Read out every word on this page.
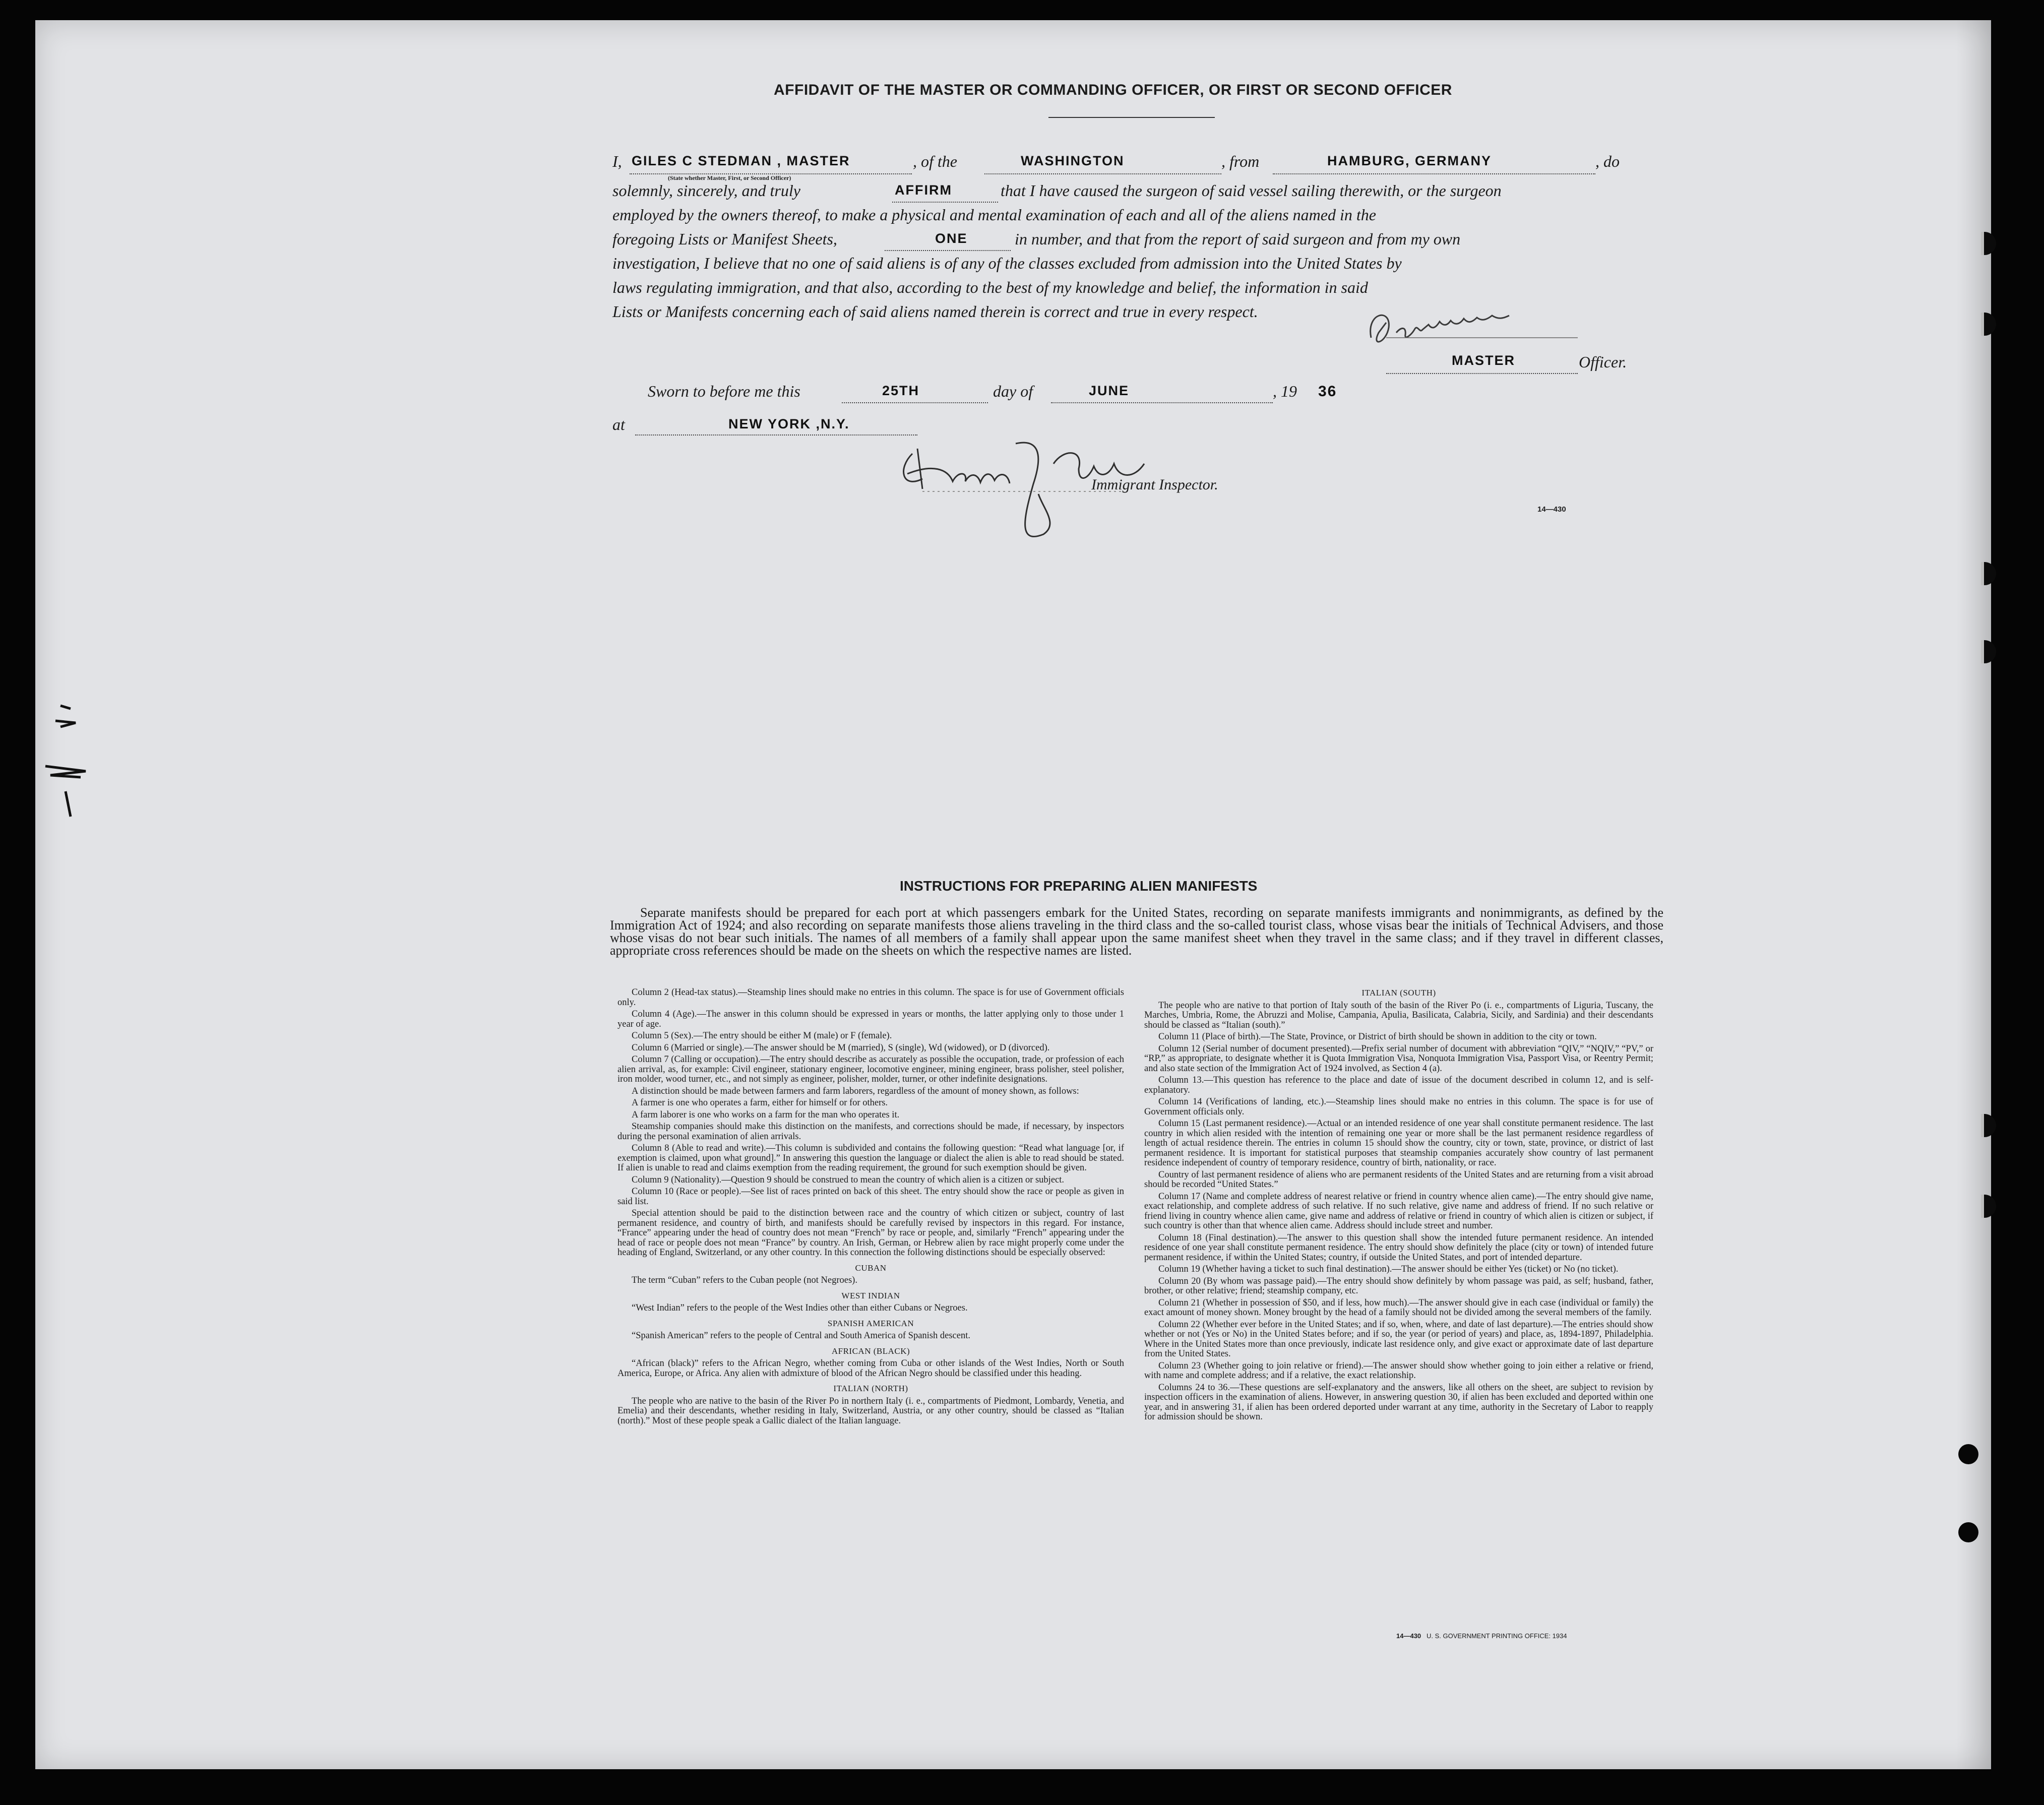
AFFIDAVIT OF THE MASTER OR COMMANDING OFFICER, OR FIRST OR SECOND OFFICER
I, GILES C STEDMAN , MASTER
(State whether Master, First, or Second Officer)
, of the	WASHINGTON	, from	HAMBURG, GERMANY	, do
solemnly, sincerely, and truly	AFFIRM	that I have caused the surgeon of said vessel sailing therewith, or the surgeon
employed by the owners thereof, to make a physical and mental examination of each and all of the aliens named in the
foregoing Lists or Manifest Sheets,	ONE	in number, and that from the report of said surgeon and from my own
investigation, I believe that no one of said aliens is of any of the classes excluded from admission into the United States by
laws regulating immigration, and that also, according to the best of my knowledge and belief, the information in said
Lists or Manifests concerning each of said aliens named therein is correct and true in every respect.
MASTER	Officer.
Sworn to before me this	25TH	day of	JUNE	, 19 36
at	NEW YORK ,N.Y.
Immigrant Inspector.
14—430
INSTRUCTIONS FOR PREPARING ALIEN MANIFESTS
Separate manifests should be prepared for each port at which passengers embark for the United States, recording on separate manifests immigrants and nonimmigrants, as defined by the Immigration Act of 1924; and also recording on separate manifests those aliens traveling in the third class and the so-called tourist class, whose visas bear the initials of Technical Advisers, and those whose visas do not bear such initials. The names of all members of a family shall appear upon the same manifest sheet when they travel in the same class; and if they travel in different classes, appropriate cross references should be made on the sheets on which the respective names are listed.

Column 2 (Head-tax status).—Steamship lines should make no entries in this column. The space is for use of Government officials only.

Column 4 (Age).—The answer in this column should be expressed in years or months, the latter applying only to those under 1 year of age.

Column 5 (Sex).—The entry should be either M (male) or F (female).

Column 6 (Married or single).—The answer should be M (married), S (single), Wd (widowed), or D (divorced).

Column 7 (Calling or occupation).—The entry should describe as accurately as possible the occupation, trade, or profession of each alien arrival, as, for example: Civil engineer, stationary engineer, locomotive engineer, mining engineer, brass polisher, steel polisher, iron molder, wood turner, etc., and not simply as engineer, polisher, molder, turner, or other indefinite designations.

A distinction should be made between farmers and farm laborers, regardless of the amount of money shown, as follows:

A farmer is one who operates a farm, either for himself or for others.

A farm laborer is one who works on a farm for the man who operates it.

Steamship companies should make this distinction on the manifests, and corrections should be made, if necessary, by inspectors during the personal examination of alien arrivals.

Column 8 (Able to read and write).—This column is subdivided and contains the following question: “Read what language [or, if exemption is claimed, upon what ground].” In answering this question the language or dialect the alien is able to read should be stated. If alien is unable to read and claims exemption from the reading requirement, the ground for such exemption should be given.

Column 9 (Nationality).—Question 9 should be construed to mean the country of which alien is a citizen or subject.

Column 10 (Race or people).—See list of races printed on back of this sheet. The entry should show the race or people as given in said list.

Special attention should be paid to the distinction between race and the country of which citizen or subject, country of last permanent residence, and country of birth, and manifests should be carefully revised by inspectors in this regard. For instance, “France” appearing under the head of country does not mean “French” by race or people, and, similarly “French” appearing under the head of race or people does not mean “France” by country. An Irish, German, or Hebrew alien by race might properly come under the heading of England, Switzerland, or any other country. In this connection the following distinctions should be especially observed:

CUBAN

The term “Cuban” refers to the Cuban people (not Negroes).

WEST INDIAN

“West Indian” refers to the people of the West Indies other than either Cubans or Negroes.

SPANISH AMERICAN

“Spanish American” refers to the people of Central and South America of Spanish descent.

AFRICAN (BLACK)

“African (black)” refers to the African Negro, whether coming from Cuba or other islands of the West Indies, North or South America, Europe, or Africa. Any alien with admixture of blood of the African Negro should be classified under this heading.

ITALIAN (NORTH)

The people who are native to the basin of the River Po in northern Italy (i. e., compartments of Piedmont, Lombardy, Venetia, and Emelia) and their descendants, whether residing in Italy, Switzerland, Austria, or any other country, should be classed as “Italian (north).” Most of these people speak a Gallic dialect of the Italian language.

ITALIAN (SOUTH)

The people who are native to that portion of Italy south of the basin of the River Po (i. e., compartments of Liguria, Tuscany, the Marches, Umbria, Rome, the Abruzzi and Molise, Campania, Apulia, Basilicata, Calabria, Sicily, and Sardinia) and their descendants should be classed as “Italian (south).”

Column 11 (Place of birth).—The State, Province, or District of birth should be shown in addition to the city or town.

Column 12 (Serial number of document presented).—Prefix serial number of document with abbreviation “QIV,” “NQIV,” “PV,” or “RP,” as appropriate, to designate whether it is Quota Immigration Visa, Nonquota Immigration Visa, Passport Visa, or Reentry Permit; and also state section of the Immigration Act of 1924 involved, as Section 4 (a).

Column 13.—This question has reference to the place and date of issue of the document described in column 12, and is self-explanatory.

Column 14 (Verifications of landing, etc.).—Steamship lines should make no entries in this column. The space is for use of Government officials only.

Column 15 (Last permanent residence).—Actual or an intended residence of one year shall constitute permanent residence. The last country in which alien resided with the intention of remaining one year or more shall be the last permanent residence regardless of length of actual residence therein. The entries in column 15 should show the country, city or town, state, province, or district of last permanent residence. It is important for statistical purposes that steamship companies accurately show country of last permanent residence independent of country of temporary residence, country of birth, nationality, or race.

Country of last permanent residence of aliens who are permanent residents of the United States and are returning from a visit abroad should be recorded “United States.”

Column 17 (Name and complete address of nearest relative or friend in country whence alien came).—The entry should give name, exact relationship, and complete address of such relative. If no such relative, give name and address of friend. If no such relative or friend living in country whence alien came, give name and address of relative or friend in country of which alien is citizen or subject, if such country is other than that whence alien came. Address should include street and number.

Column 18 (Final destination).—The answer to this question shall show the intended future permanent residence. An intended residence of one year shall constitute permanent residence. The entry should show definitely the place (city or town) of intended future permanent residence, if within the United States; country, if outside the United States, and port of intended departure.

Column 19 (Whether having a ticket to such final destination).—The answer should be either Yes (ticket) or No (no ticket).

Column 20 (By whom was passage paid).—The entry should show definitely by whom passage was paid, as self; husband, father, brother, or other relative; friend; steamship company, etc.

Column 21 (Whether in possession of $50, and if less, how much).—The answer should give in each case (individual or family) the exact amount of money shown. Money brought by the head of a family should not be divided among the several members of the family.

Column 22 (Whether ever before in the United States; and if so, when, where, and date of last departure).—The entries should show whether or not (Yes or No) in the United States before; and if so, the year (or period of years) and place, as, 1894-1897, Philadelphia. Where in the United States more than once previously, indicate last residence only, and give exact or approximate date of last departure from the United States.

Column 23 (Whether going to join relative or friend).—The answer should show whether going to join either a relative or friend, with name and complete address; and if a relative, the exact relationship.

Columns 24 to 36.—These questions are self-explanatory and the answers, like all others on the sheet, are subject to revision by inspection officers in the examination of aliens. However, in answering question 30, if alien has been excluded and deported within one year, and in answering 31, if alien has been ordered deported under warrant at any time, authority in the Secretary of Labor to reapply for admission should be shown.

14—430 U. S. GOVERNMENT PRINTING OFFICE: 1934
